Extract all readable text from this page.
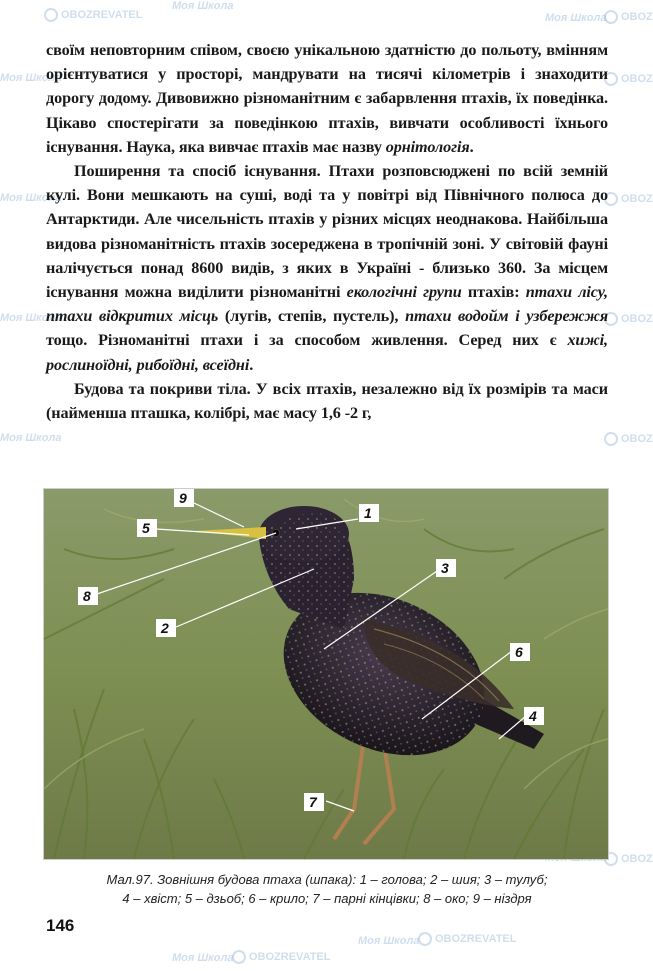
OBOZREVATEL
Моя Школа
Моя Школа	OBOZ
Моя Школа	OBOZ
Моя Школа	OBOZ
Моя Школа	OBOZ
Моя Школа	OBOZ
OBOZ
Моя Школа	OBOZREVATEL
Моя Школа	OBOZREVATEL

своїм неповторним співом, своєю унікальною здатністю до польоту, вмінням орієнтуватися у просторі, мандрувати на тисячі кілометрів і знаходити дорогу додому. Дивовижно різноманітним є забарвлення птахів, їх поведінка. Цікаво спостерігати за поведінкою птахів, вивчати особливості їхнього існування. Наука, яка вивчає птахів має назву орнітологія.

Поширення та спосіб існування. Птахи розповсюджені по всій земній кулі. Вони мешкають на суші, воді та у повітрі від Північного полюса до Антарктиди. Але чисельність птахів у різних місцях неоднакова. Найбільша видова різноманітність птахів зосереджена в тропічній зоні. У світовій фауні налічується понад 8600 видів, з яких в Україні - близько 360. За місцем існування можна виділити різноманітні екологічні групи птахів: птахи лісу, птахи відкритих місць (лугів, степів, пустель), птахи водойм і узбережжя тощо. Різноманітні птахи і за способом живлення. Серед них є хижі, рослиноїдні, рибоїдні, всеїдні.

Будова та покриви тіла. У всіх птахів, незалежно від їх розмірів та маси (найменша пташка, колібрі, має масу 1,6 -2 г,

9
5
1
8
2
3
6
4
7
Мал.97. Зовнішня будова птаха (шпака): 1 – голова; 2 – шия; 3 – тулуб;
4 – хвіст; 5 – дзьоб; 6 – крило; 7 – парні кінцівки; 8 – око; 9 – ніздря
146
